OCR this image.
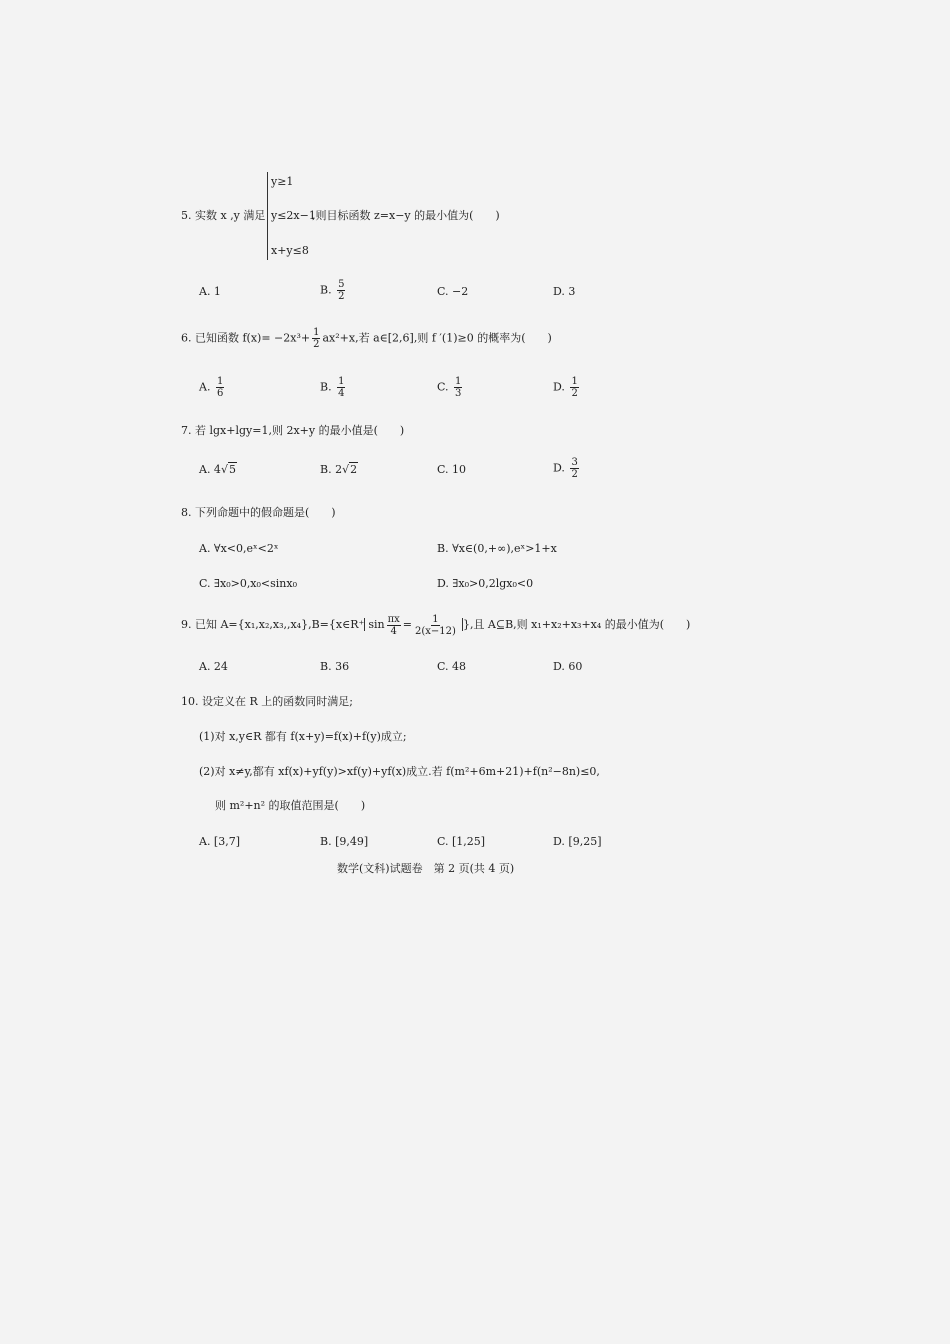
5. 实数 x ,y 满足
y≥1
y≤2x−1
x+y≤8
,则目标函数 z=x−y 的最小值为(　　)
A. 1	B. $\frac{5}{2}$	C. −2	D. 3
6. 已知函数 $f(x)= -2x^3+ \frac{1}{2} ax^2+x$,若 a∈[2,6],则 f ′(1)≥0 的概率为(　　)
A. $\frac{1}{6}$	B. $\frac{1}{4}$	C. $\frac{1}{3}$	D. $\frac{1}{2}$
7. 若 lgx+lgy=1,则 2x+y 的最小值是(　　)
A. 4√5	B. 2√2	C. 10	D. $\frac{3}{2}$
8. 下列命题中的假命题是(　　)
A. ∀x<0,eˣ<2ˣ	B. ∀x∈(0,+∞),eˣ>1+x
C. ∃x₀>0,x₀<sinx₀	D. ∃x₀>0,2lgx₀<0
9. 已知 A={x₁,x₂,x₃,,x₄},B={x∈R⁺ $\sin \frac{\pi x}{4} = \frac{1}{2(x-12)}$ },且 A⊆B,则 x₁+x₂+x₃+x₄ 的最小值为(　　)
A. 24	B. 36	C. 48	D. 60
10. 设定义在 R 上的函数同时满足;
(1)对 x,y∈R 都有 f(x+y)=f(x)+f(y)成立;
(2)对 x≠y,都有 xf(x)+yf(y)>xf(y)+yf(x)成立.若 f(m²+6m+21)+f(n²−8n)≤0,
则 m²+n² 的取值范围是(　　)
A. [3,7]	B. [9,49]	C. [1,25]	D. [9,25]
数学(文科)试题卷　第 2 页(共 4 页)
